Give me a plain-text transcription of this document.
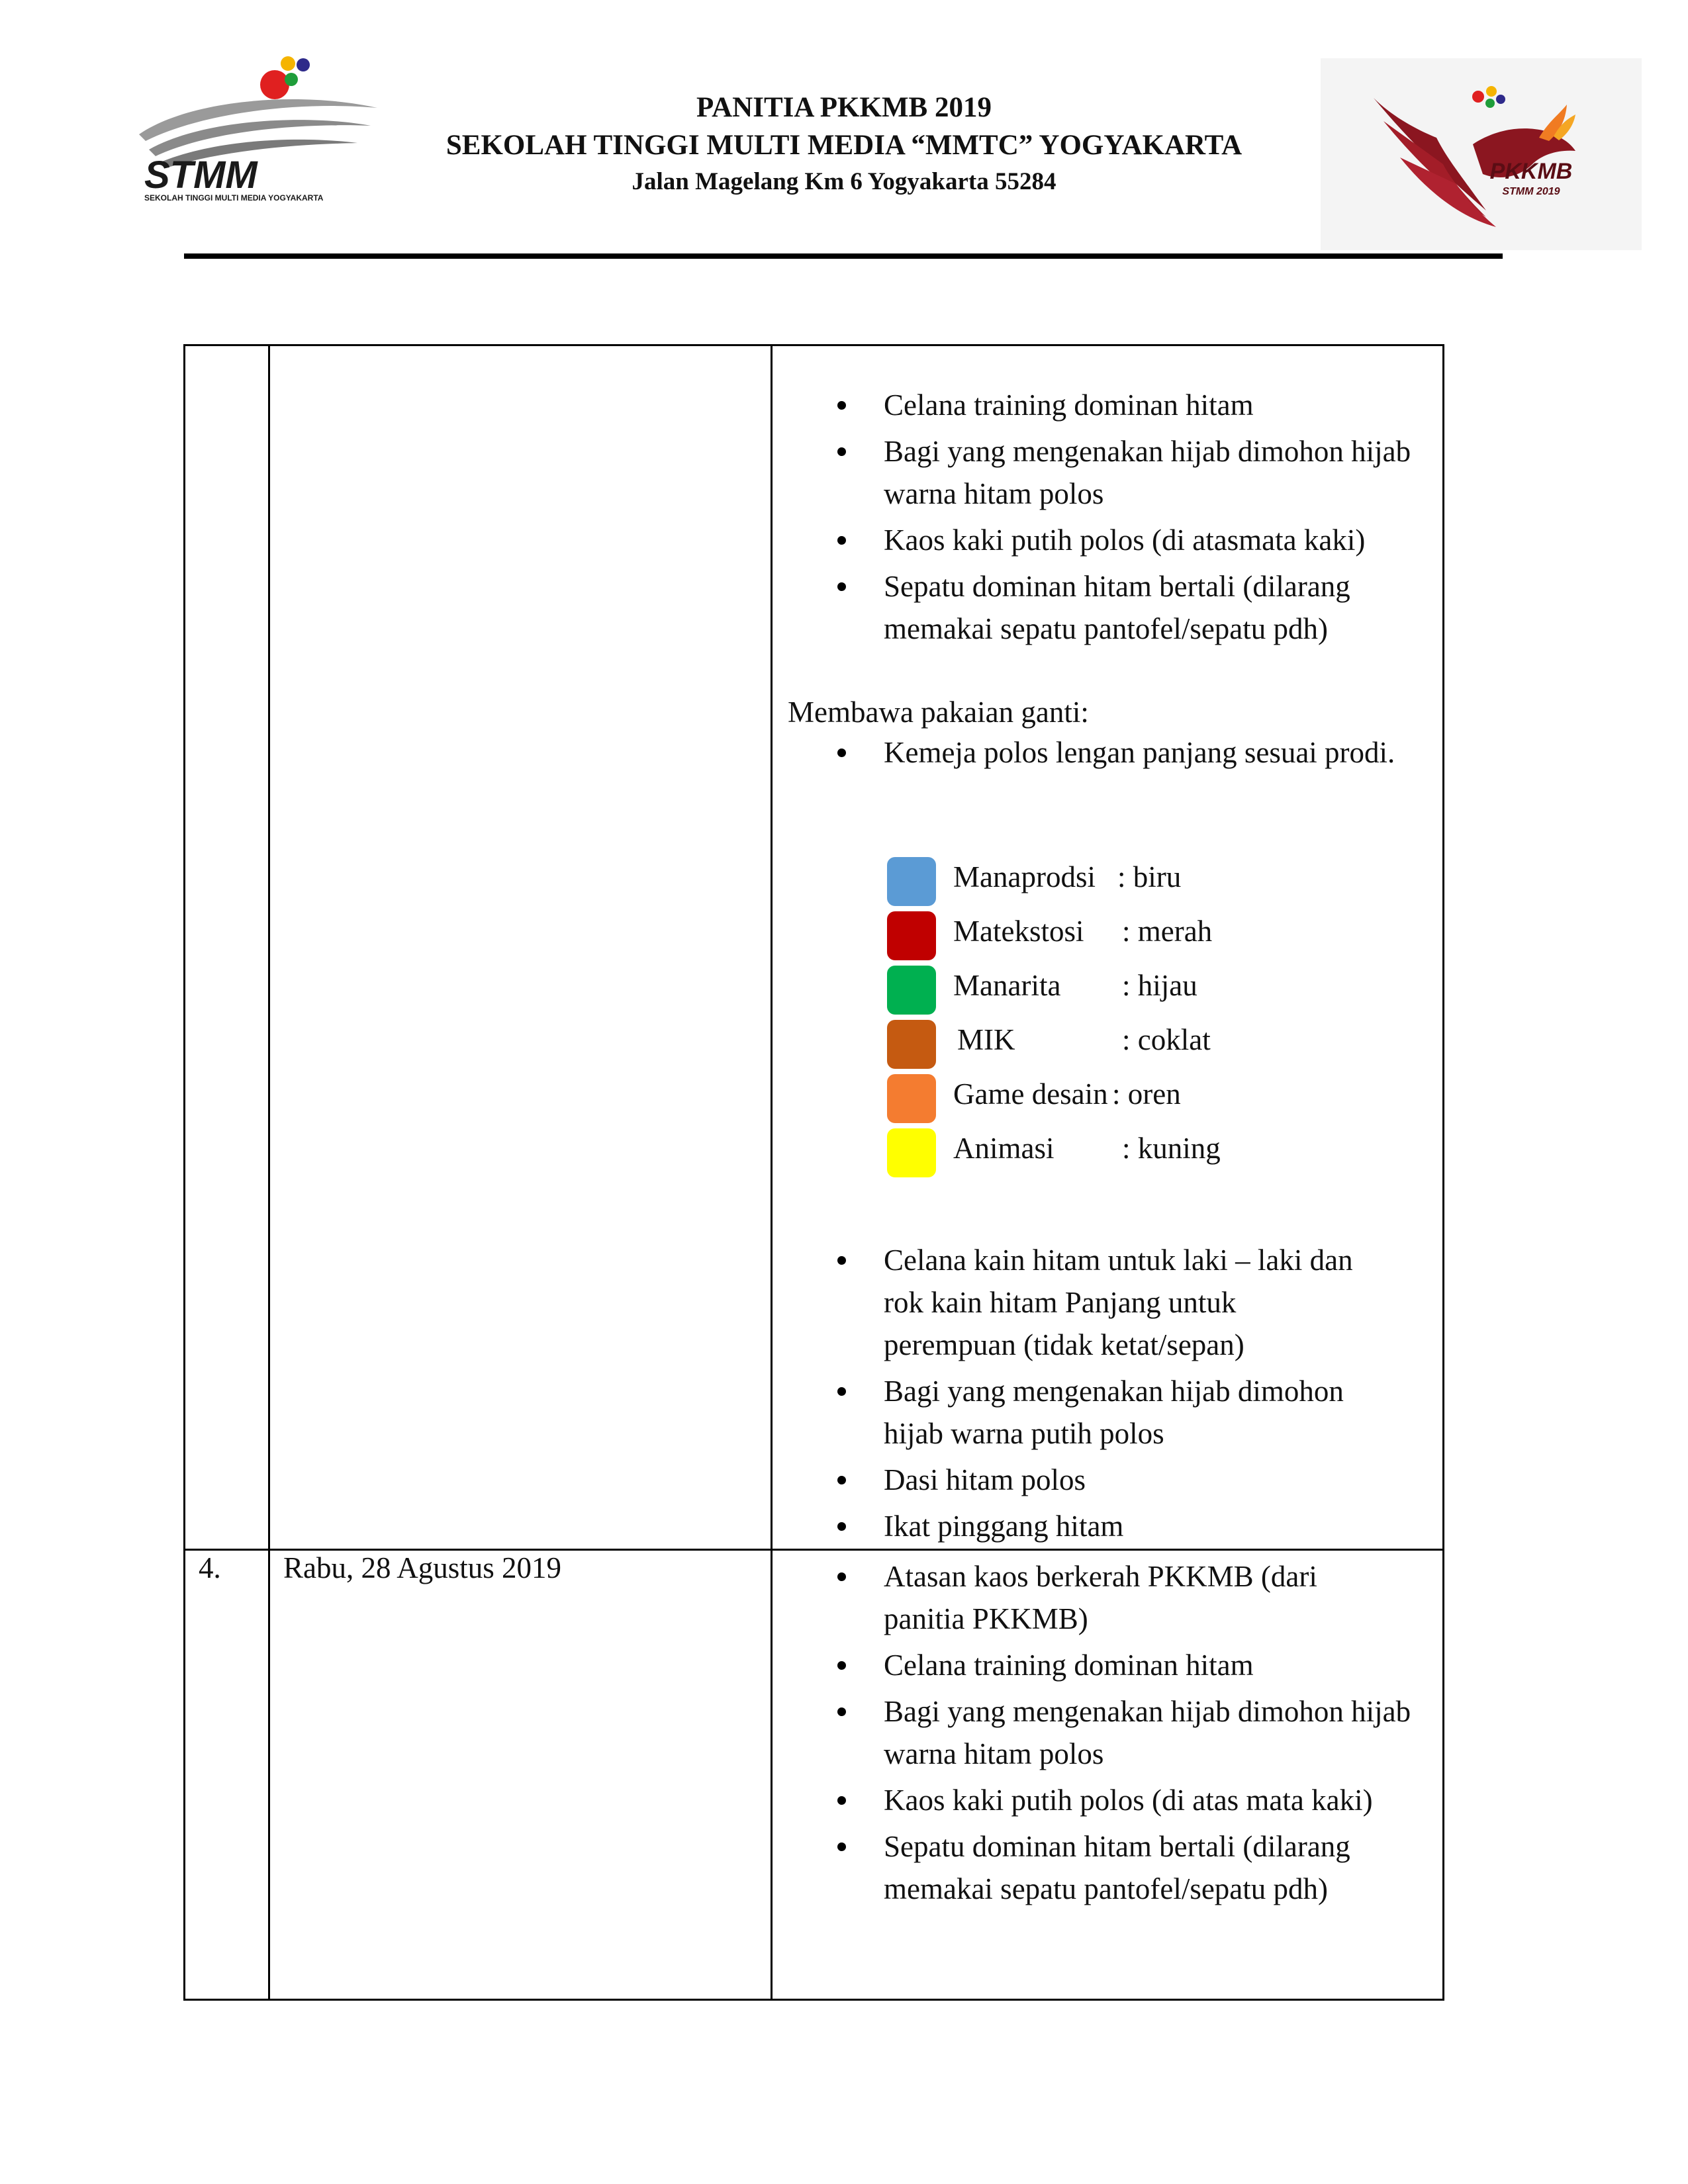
STMM
SEKOLAH TINGGI MULTI MEDIA YOGYAKARTA
PANITIA PKKMB 2019
SEKOLAH TINGGI MULTI MEDIA “MMTC” YOGYAKARTA
Jalan Magelang Km 6 Yogyakarta 55284	PKKMB
STMM 2019
Celana training dominan hitam
Bagi yang mengenakan hijab dimohon hijab warna hitam polos
Kaos kaki putih polos (di atasmata kaki)
Sepatu dominan hitam bertali (dilarang memakai sepatu pantofel/sepatu pdh)
Membawa pakaian ganti:
Kemeja polos lengan panjang sesuai prodi.
Manaprodsi : biru
Matekstosi : merah
Manarita : hijau
MIK	: coklat
Game desain : oren
Animasi : kuning
Celana kain hitam untuk laki – laki dan rok kain hitam Panjang untuk perempuan (tidak ketat/sepan)
Bagi yang mengenakan hijab dimohon hijab warna putih polos
Dasi hitam polos
Ikat pinggang hitam
4. Rabu, 28 Agustus 2019	Atasan kaos berkerah PKKMB (dari panitia PKKMB)
Celana training dominan hitam
Bagi yang mengenakan hijab dimohon hijab warna hitam polos
Kaos kaki putih polos (di atas mata kaki)
Sepatu dominan hitam bertali (dilarang memakai sepatu pantofel/sepatu pdh)
